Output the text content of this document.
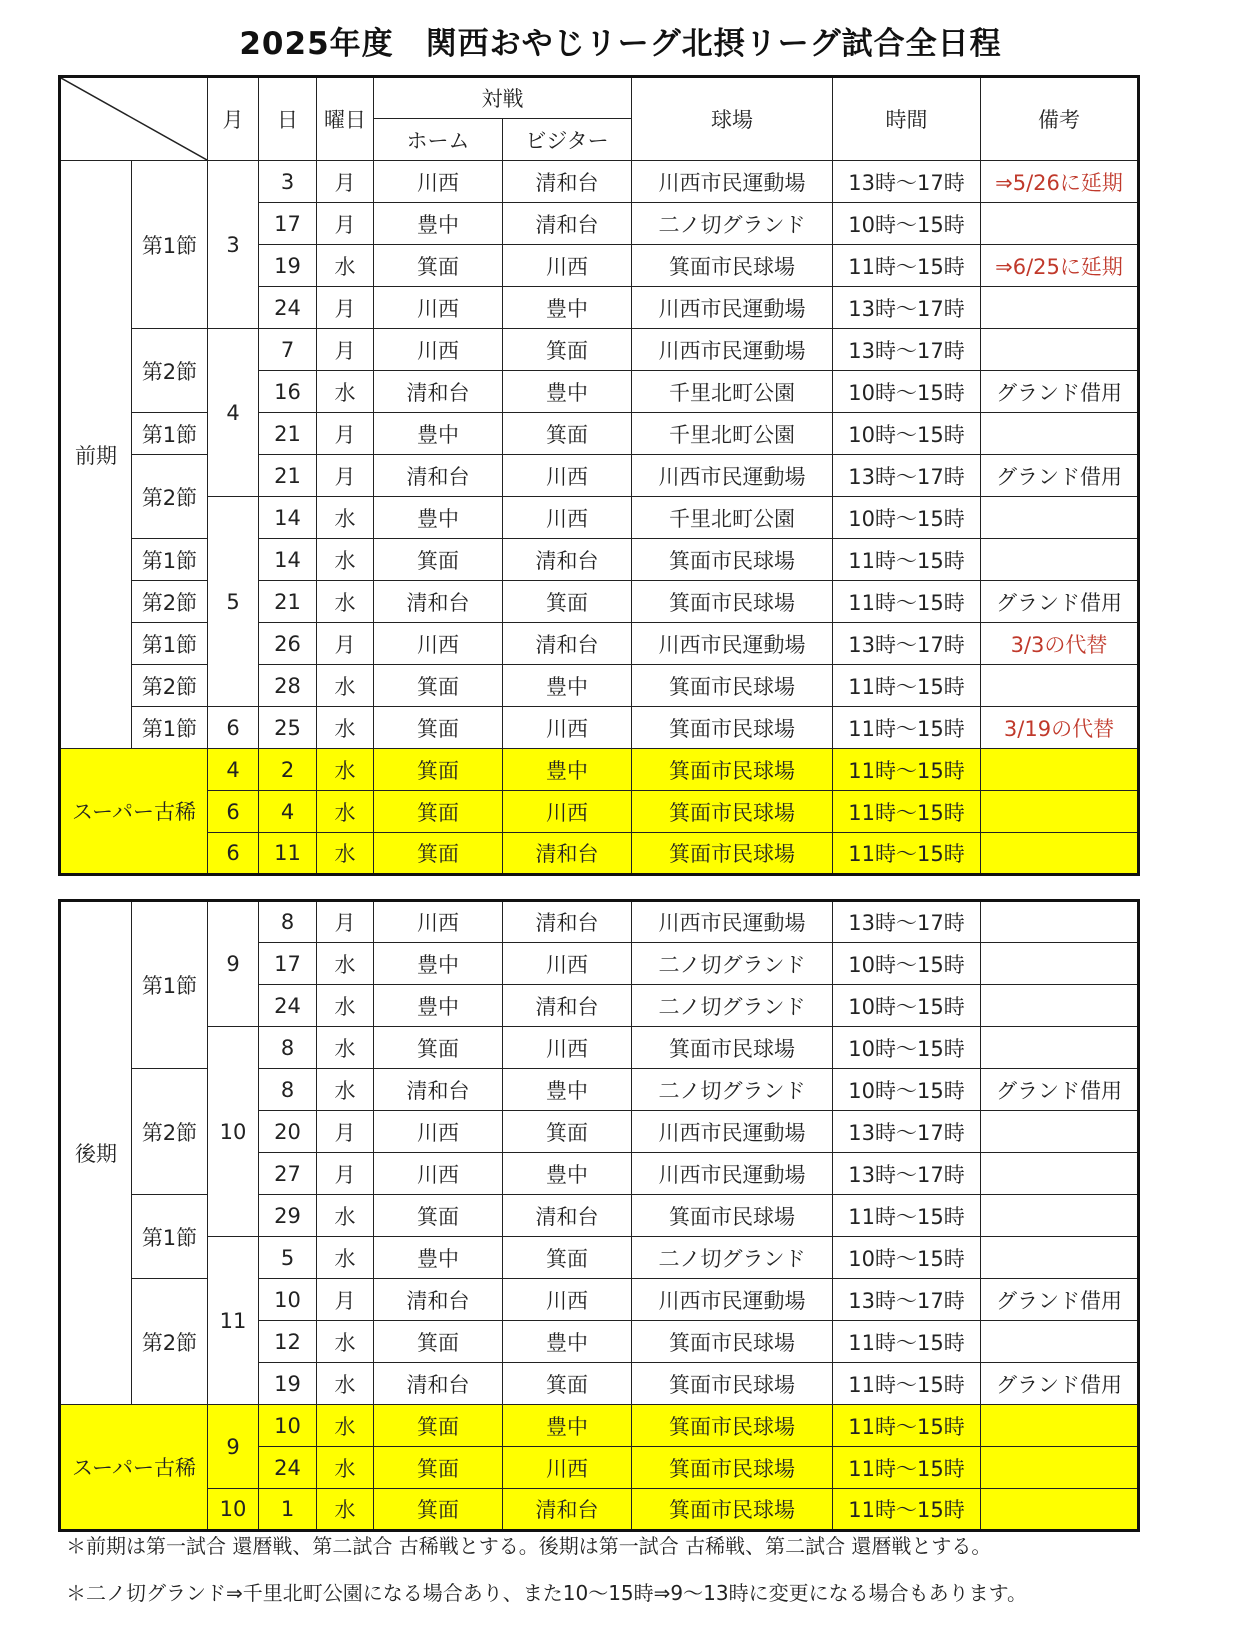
2025年度　関西おやじリーグ北摂リーグ試合全日程
	月	日	曜日	対戦		球場	時間	備考
					ホーム	ビジター			
前期	第1節	3	3	月	川西	清和台	川西市民運動場	13時〜17時	⇒5/26に延期
			17	月	豊中	清和台	二ノ切グランド	10時〜15時	
			19	水	箕面	川西	箕面市民球場	11時〜15時	⇒6/25に延期
			24	月	川西	豊中	川西市民運動場	13時〜17時	
	第2節	4	7	月	川西	箕面	川西市民運動場	13時〜17時	
			16	水	清和台	豊中	千里北町公園	10時〜15時	グランド借用
	第1節		21	月	豊中	箕面	千里北町公園	10時〜15時	
	第2節		21	月	清和台	川西	川西市民運動場	13時〜17時	グランド借用
		5	14	水	豊中	川西	千里北町公園	10時〜15時	
	第1節		14	水	箕面	清和台	箕面市民球場	11時〜15時	
	第2節		21	水	清和台	箕面	箕面市民球場	11時〜15時	グランド借用
	第1節		26	月	川西	清和台	川西市民運動場	13時〜17時	3/3の代替
	第2節		28	水	箕面	豊中	箕面市民球場	11時〜15時	
	第1節	6	25	水	箕面	川西	箕面市民球場	11時〜15時	3/19の代替
スーパー古稀		4	2	水	箕面	豊中	箕面市民球場	11時〜15時	
		6	4	水	箕面	川西	箕面市民球場	11時〜15時	
		6	11	水	箕面	清和台	箕面市民球場	11時〜15時	
後期	第1節	9	8	月	川西	清和台	川西市民運動場	13時〜17時	
			17	水	豊中	川西	二ノ切グランド	10時〜15時	
			24	水	豊中	清和台	二ノ切グランド	10時〜15時	
		10	8	水	箕面	川西	箕面市民球場	10時〜15時	
	第2節		8	水	清和台	豊中	二ノ切グランド	10時〜15時	グランド借用
			20	月	川西	箕面	川西市民運動場	13時〜17時	
			27	月	川西	豊中	川西市民運動場	13時〜17時	
	第1節		29	水	箕面	清和台	箕面市民球場	11時〜15時	
		11	5	水	豊中	箕面	二ノ切グランド	10時〜15時	
	第2節		10	月	清和台	川西	川西市民運動場	13時〜17時	グランド借用
			12	水	箕面	豊中	箕面市民球場	11時〜15時	
			19	水	清和台	箕面	箕面市民球場	11時〜15時	グランド借用
スーパー古稀		9	10	水	箕面	豊中	箕面市民球場	11時〜15時	
			24	水	箕面	川西	箕面市民球場	11時〜15時	
		10	1	水	箕面	清和台	箕面市民球場	11時〜15時	
＊前期は第一試合 還暦戦、第二試合 古稀戦とする。後期は第一試合 古稀戦、第二試合 還暦戦とする。
＊二ノ切グランド⇒千里北町公園になる場合あり、また10〜15時⇒9〜13時に変更になる場合もあります。
